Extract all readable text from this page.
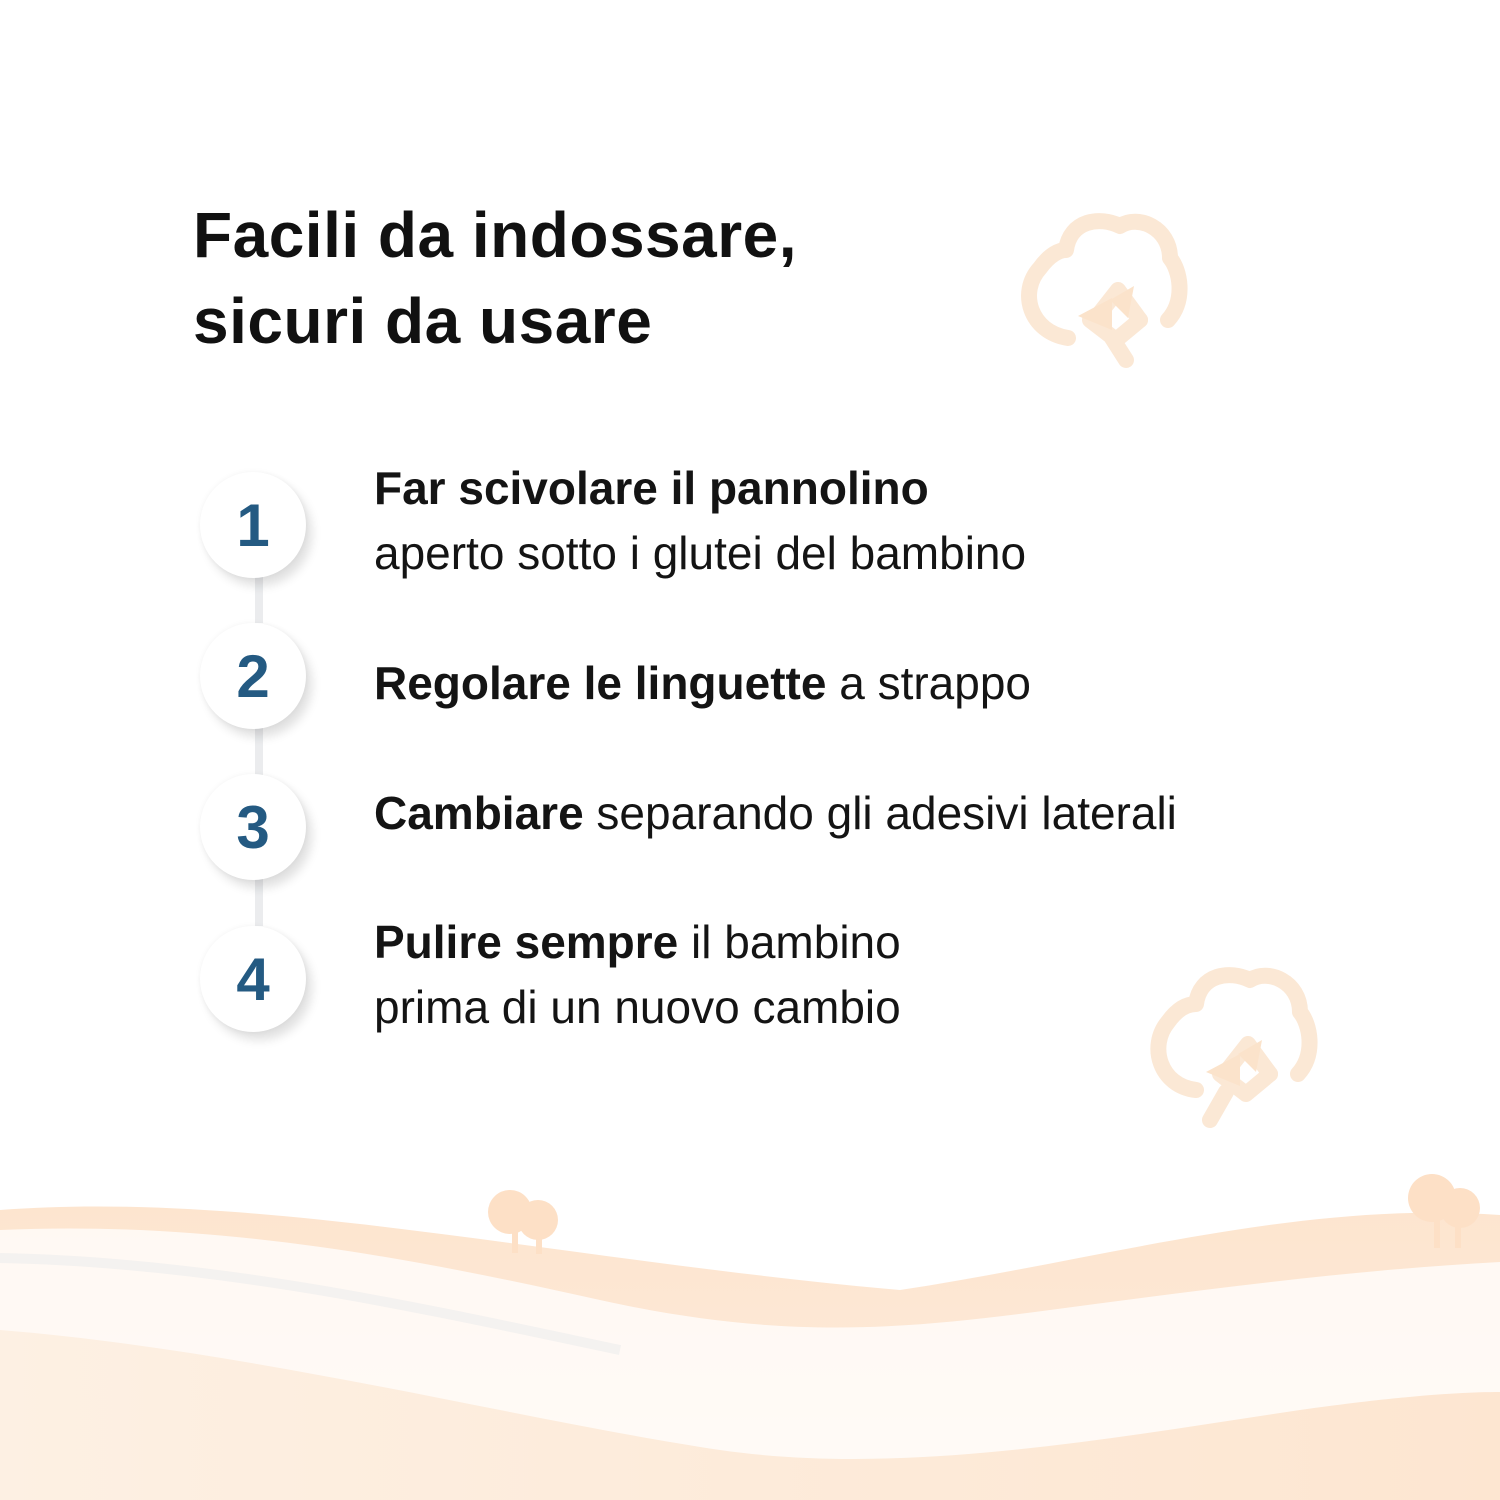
Facili da indossare,
sicuri da usare
1
Far scivolare il pannolino
aperto sotto i glutei del bambino
2 Regolare le linguette a strappo
3 Cambiare separando gli adesivi laterali
4
Pulire sempre il bambino
prima di un nuovo cambio
